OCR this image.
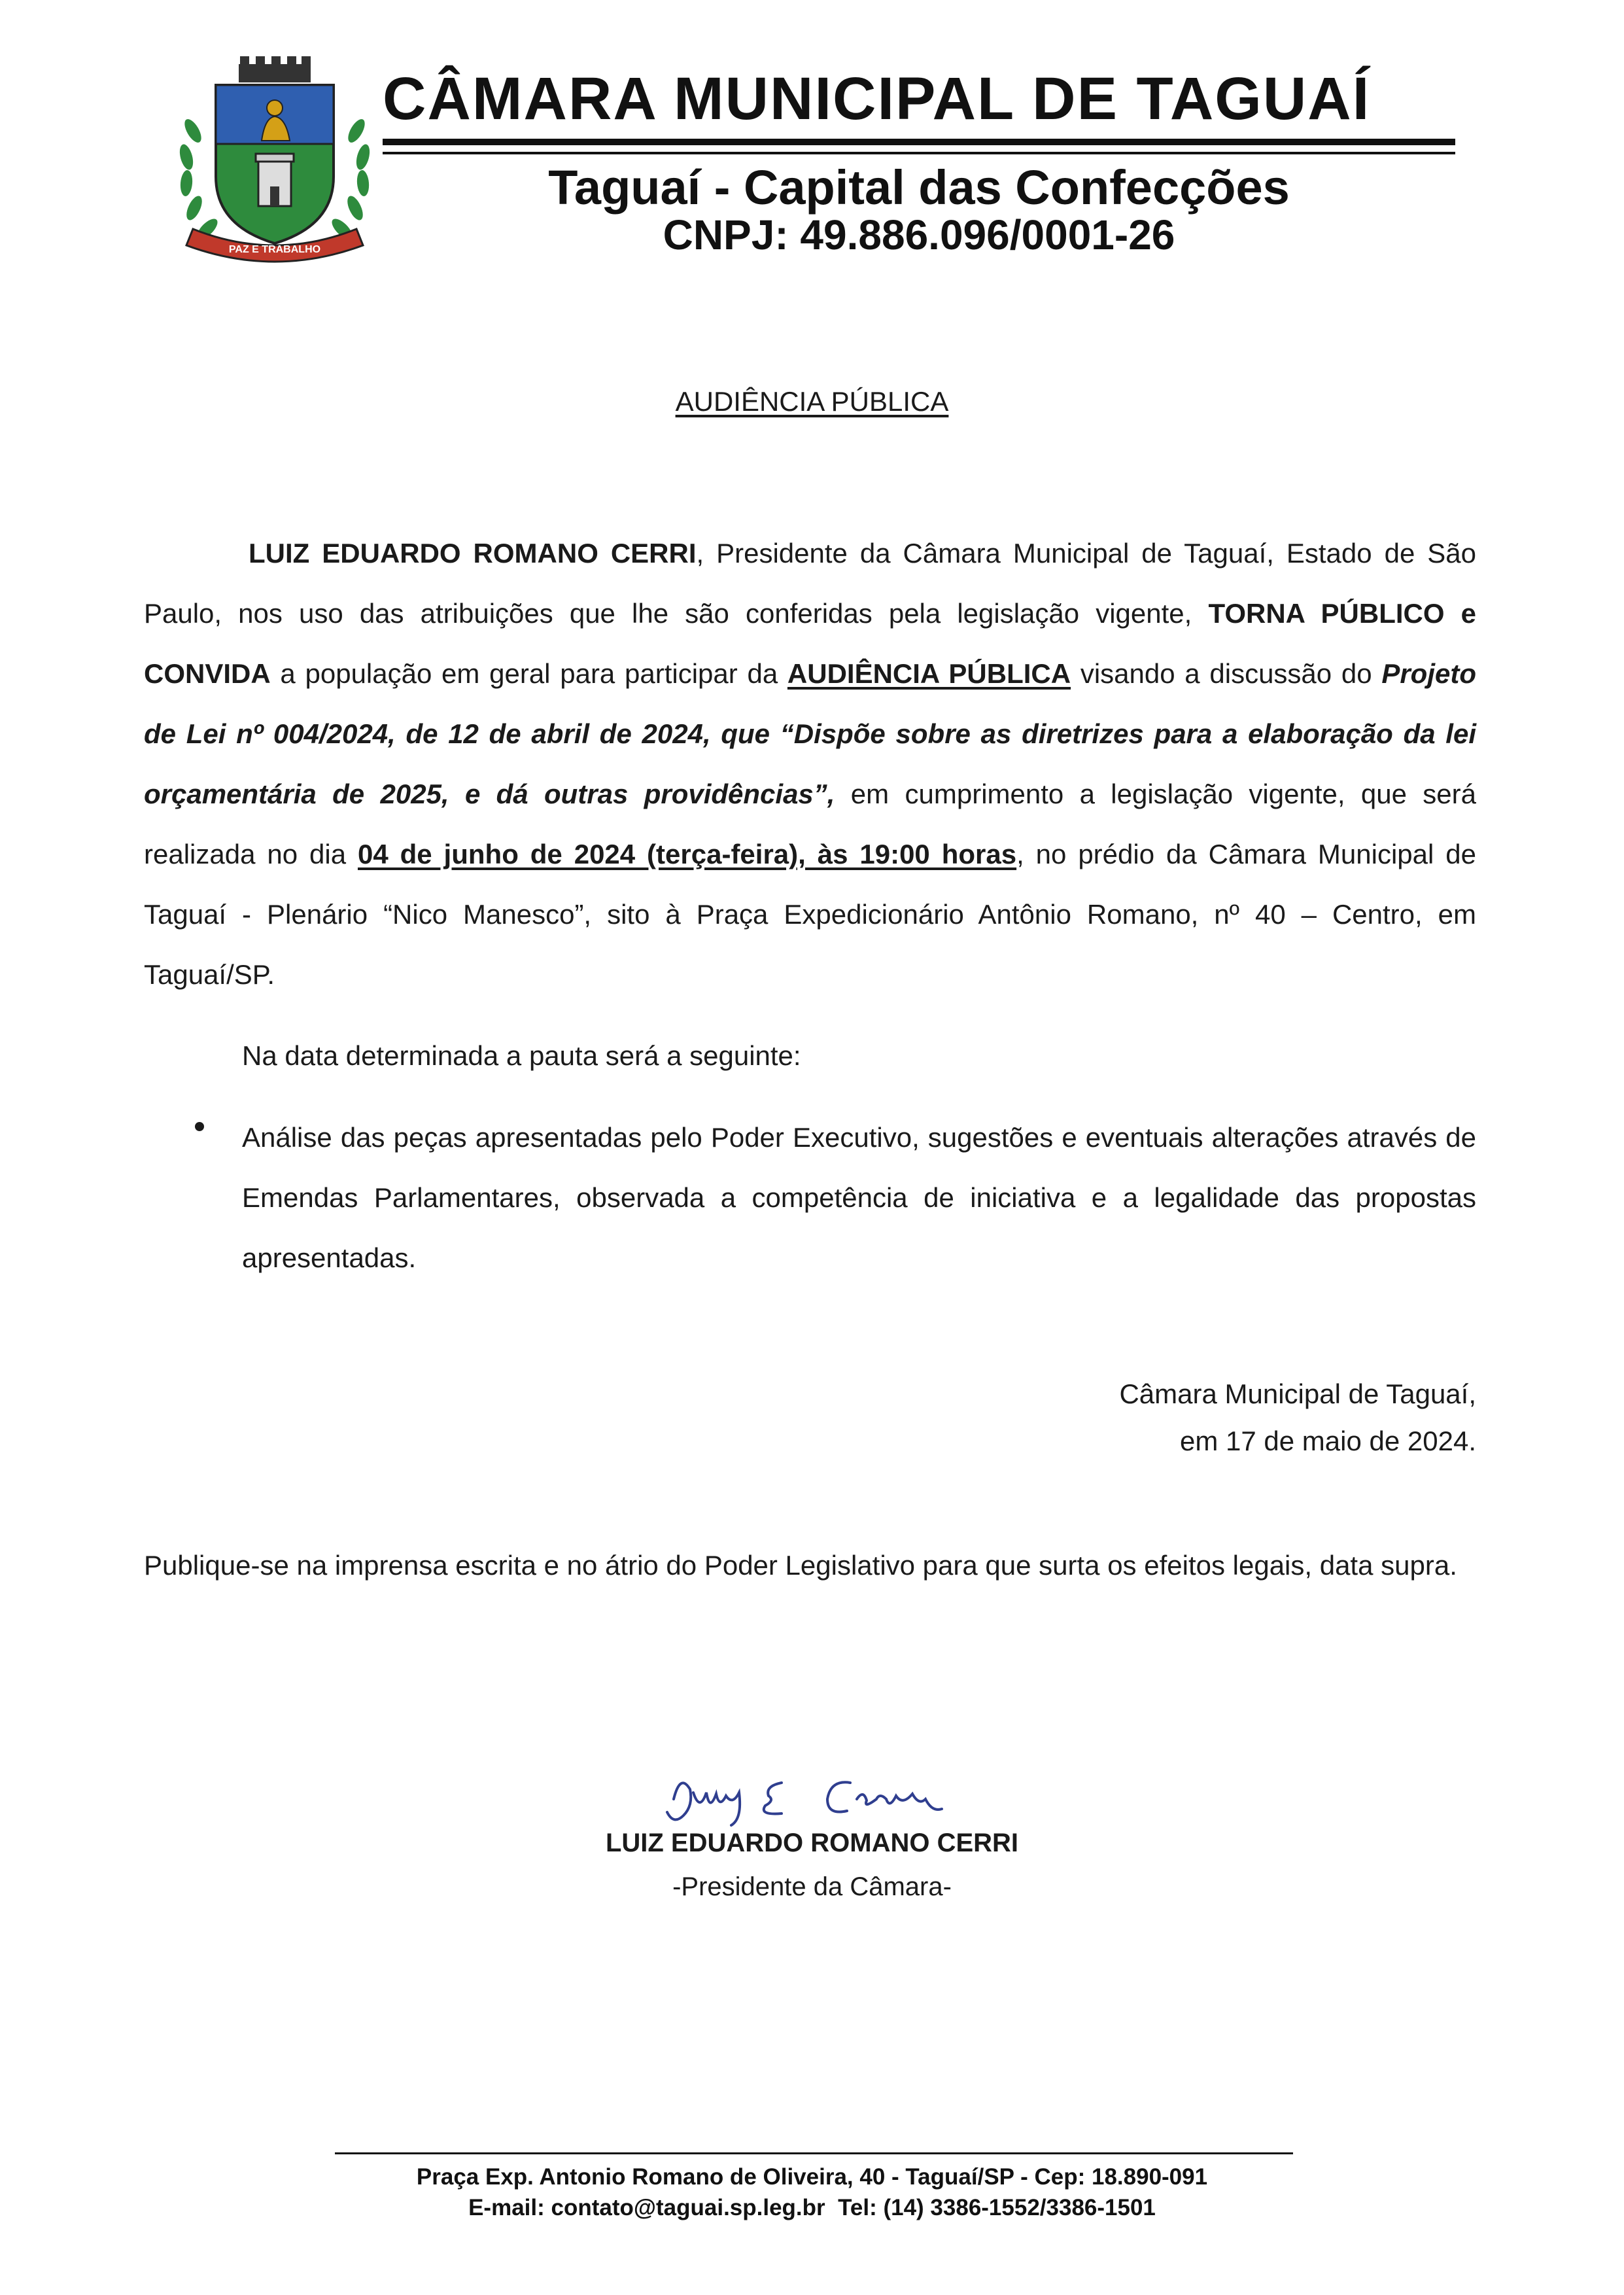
PAZ E TRABALHO
CÂMARA MUNICIPAL DE TAGUAÍ
Taguaí - Capital das Confecções
CNPJ: 49.886.096/0001-26
AUDIÊNCIA PÚBLICA

LUIZ EDUARDO ROMANO CERRI, Presidente da Câmara Municipal de Taguaí, Estado de São Paulo, nos uso das atribuições que lhe são conferidas pela legislação vigente, TORNA PÚBLICO e CONVIDA a população em geral para participar da AUDIÊNCIA PÚBLICA visando a discussão do Projeto de Lei nº 004/2024, de 12 de abril de 2024, que “Dispõe sobre as diretrizes para a elaboração da lei orçamentária de 2025, e dá outras providências”, em cumprimento a legislação vigente, que será realizada no dia 04 de junho de 2024 (terça-feira), às 19:00 horas, no prédio da Câmara Municipal de Taguaí - Plenário “Nico Manesco”, sito à Praça Expedicionário Antônio Romano, nº 40 – Centro, em Taguaí/SP.

Na data determinada a pauta será a seguinte:
Análise das peças apresentadas pelo Poder Executivo, sugestões e eventuais alterações através de Emendas Parlamentares, observada a competência de iniciativa e a legalidade das propostas apresentadas.
Câmara Municipal de Taguaí,
em 17 de maio de 2024.
Publique-se na imprensa escrita e no átrio do Poder Legislativo para que surta os efeitos legais, data supra.
LUIZ EDUARDO ROMANO CERRI
-Presidente da Câmara-
Praça Exp. Antonio Romano de Oliveira, 40 - Taguaí/SP - Cep: 18.890-091
E-mail: contato@taguai.sp.leg.br  Tel: (14) 3386-1552/3386-1501
